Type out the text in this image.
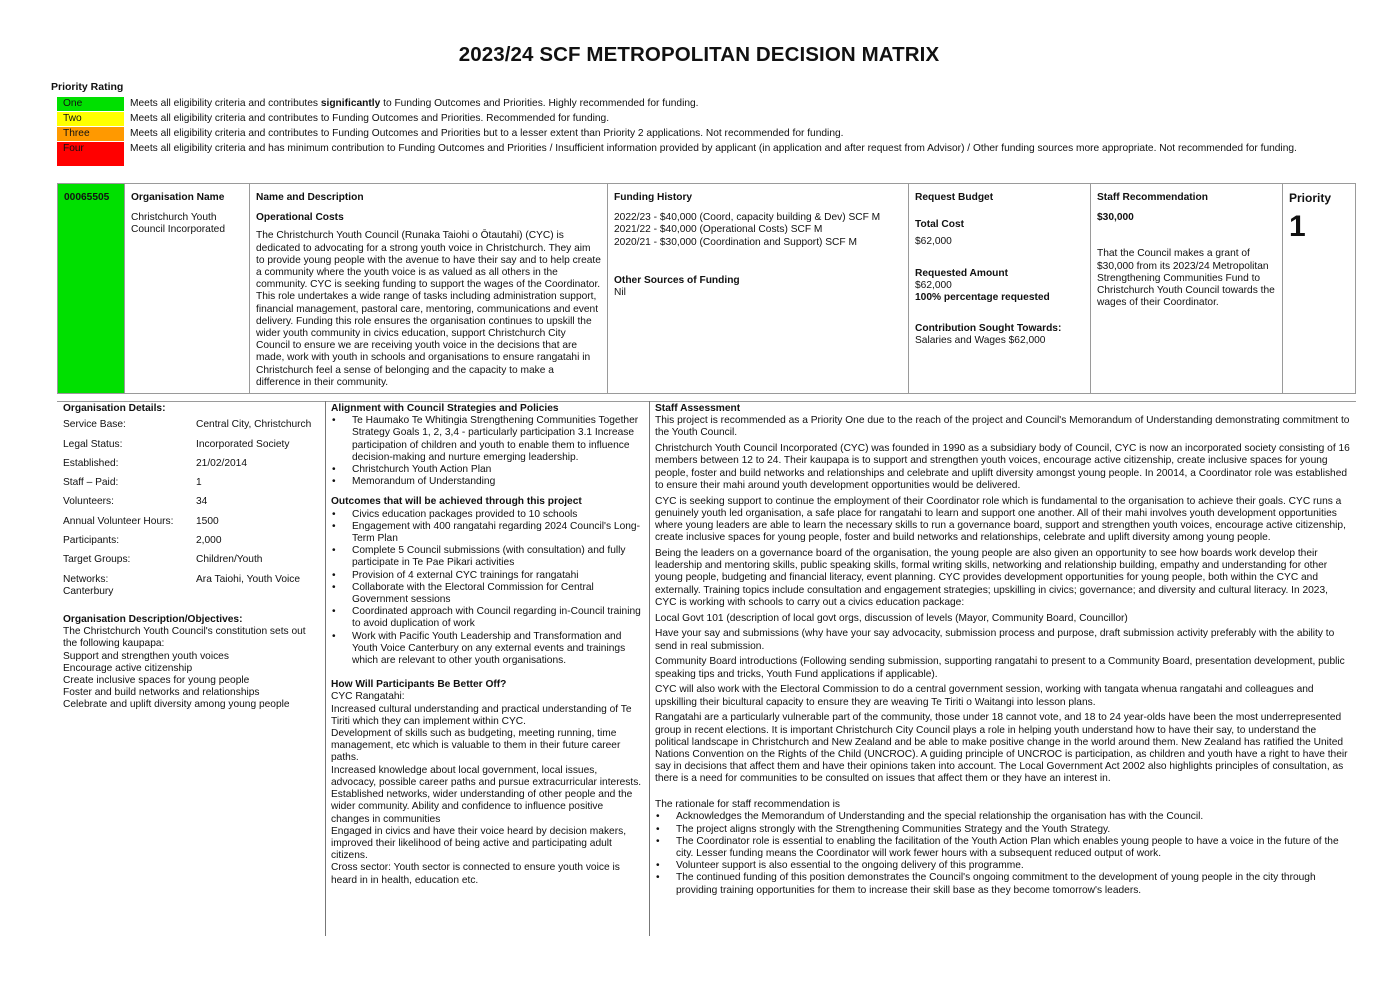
2023/24 SCF METROPOLITAN DECISION MATRIX
Priority Rating
One	Meets all eligibility criteria and contributes significantly to Funding Outcomes and Priorities. Highly recommended for funding.
Two	Meets all eligibility criteria and contributes to Funding Outcomes and Priorities. Recommended for funding.
Three	Meets all eligibility criteria and contributes to Funding Outcomes and Priorities but to a lesser extent than Priority 2 applications. Not recommended for funding.
Four	Meets all eligibility criteria and has minimum contribution to Funding Outcomes and Priorities / Insufficient information provided by applicant (in application and after request from Advisor) / Other funding sources more appropriate. Not recommended for funding.
00065505	Organisation Name
Christchurch Youth Council Incorporated
Name and Description
Operational Costs
The Christchurch Youth Council (Runaka Taiohi o Ōtautahi) (CYC) is dedicated to advocating for a strong youth voice in Christchurch. They aim to provide young people with the avenue to have their say and to help create a community where the youth voice is as valued as all others in the community. CYC is seeking funding to support the wages of the Coordinator. This role undertakes a wide range of tasks including administration support, financial management, pastoral care, mentoring, communications and event delivery. Funding this role ensures the organisation continues to upskill the wider youth community in civics education, support Christchurch City Council to ensure we are receiving youth voice in the decisions that are made, work with youth in schools and organisations to ensure rangatahi in Christchurch feel a sense of belonging and the capacity to make a difference in their community.
Funding History
2022/23 - $40,000 (Coord, capacity building & Dev) SCF M
2021/22 - $40,000 (Operational Costs) SCF M
2020/21 - $30,000 (Coordination and Support) SCF M
Other Sources of Funding
Nil
Request Budget
Total Cost
$62,000
Requested Amount
$62,000
100% percentage requested
Contribution Sought Towards:
Salaries and Wages $62,000
Staff Recommendation
$30,000
That the Council makes a grant of $30,000 from its 2023/24 Metropolitan Strengthening Communities Fund to Christchurch Youth Council towards the wages of their Coordinator.
Priority
1
Organisation Details:
Service Base:	Central City, Christchurch
Legal Status:	Incorporated Society
Established:	21/02/2014
Staff – Paid:	1
Volunteers:	34
Annual Volunteer Hours:	1500
Participants:	2,000
Target Groups:	Children/Youth
Networks:	Ara Taiohi, Youth Voice
Canterbury
Organisation Description/Objectives:
The Christchurch Youth Council's constitution sets out the following kaupapa:
Support and strengthen youth voices
Encourage active citizenship
Create inclusive spaces for young people
Foster and build networks and relationships
Celebrate and uplift diversity among young people
Alignment with Council Strategies and Policies
• Te Haumako Te Whitingia Strengthening Communities Together Strategy Goals 1, 2, 3,4 - particularly participation 3.1 Increase participation of children and youth to enable them to influence decision-making and nurture emerging leadership.
• Christchurch Youth Action Plan
• Memorandum of Understanding
Outcomes that will be achieved through this project
• Civics education packages provided to 10 schools
• Engagement with 400 rangatahi regarding 2024 Council's Long-Term Plan
• Complete 5 Council submissions (with consultation) and fully participate in Te Pae Pikari activities
• Provision of 4 external CYC trainings for rangatahi
• Collaborate with the Electoral Commission for Central Government sessions
• Coordinated approach with Council regarding in-Council training to avoid duplication of work
• Work with Pacific Youth Leadership and Transformation and Youth Voice Canterbury on any external events and trainings which are relevant to other youth organisations.
How Will Participants Be Better Off?
CYC Rangatahi:
Increased cultural understanding and practical understanding of Te Tiriti which they can implement within CYC.
Development of skills such as budgeting, meeting running, time management, etc which is valuable to them in their future career paths.
Increased knowledge about local government, local issues, advocacy, possible career paths and pursue extracurricular interests. Established networks, wider understanding of other people and the wider community. Ability and confidence to influence positive changes in communities
Engaged in civics and have their voice heard by decision makers, improved their likelihood of being active and participating adult citizens.
Cross sector: Youth sector is connected to ensure youth voice is heard in in health, education etc.
Staff Assessment
This project is recommended as a Priority One due to the reach of the project and Council's Memorandum of Understanding demonstrating commitment to the Youth Council.
Christchurch Youth Council Incorporated (CYC) was founded in 1990 as a subsidiary body of Council, CYC is now an incorporated society consisting of 16 members between 12 to 24. Their kaupapa is to support and strengthen youth voices, encourage active citizenship, create inclusive spaces for young people, foster and build networks and relationships and celebrate and uplift diversity amongst young people. In 20014, a Coordinator role was established to ensure their mahi around youth development opportunities would be delivered.
CYC is seeking support to continue the employment of their Coordinator role which is fundamental to the organisation to achieve their goals. CYC runs a genuinely youth led organisation, a safe place for rangatahi to learn and support one another. All of their mahi involves youth development opportunities where young leaders are able to learn the necessary skills to run a governance board, support and strengthen youth voices, encourage active citizenship, create inclusive spaces for young people, foster and build networks and relationships, celebrate and uplift diversity among young people.
Being the leaders on a governance board of the organisation, the young people are also given an opportunity to see how boards work develop their leadership and mentoring skills, public speaking skills, formal writing skills, networking and relationship building, empathy and understanding for other young people, budgeting and financial literacy, event planning. CYC provides development opportunities for young people, both within the CYC and externally. Training topics include consultation and engagement strategies; upskilling in civics; governance; and diversity and cultural literacy. In 2023, CYC is working with schools to carry out a civics education package:
Local Govt 101 (description of local govt orgs, discussion of levels (Mayor, Community Board, Councillor)
Have your say and submissions (why have your say advocacity, submission process and purpose, draft submission activity preferably with the ability to send in real submission.
Community Board introductions (Following sending submission, supporting rangatahi to present to a Community Board, presentation development, public speaking tips and tricks, Youth Fund applications if applicable).
CYC will also work with the Electoral Commission to do a central government session, working with tangata whenua rangatahi and colleagues and upskilling their bicultural capacity to ensure they are weaving Te Tiriti o Waitangi into lesson plans.
Rangatahi are a particularly vulnerable part of the community, those under 18 cannot vote, and 18 to 24 year-olds have been the most underrepresented group in recent elections. It is important Christchurch City Council plays a role in helping youth understand how to have their say, to understand the political landscape in Christchurch and New Zealand and be able to make positive change in the world around them. New Zealand has ratified the United Nations Convention on the Rights of the Child (UNCROC). A guiding principle of UNCROC is participation, as children and youth have a right to have their say in decisions that affect them and have their opinions taken into account. The Local Government Act 2002 also highlights principles of consultation, as there is a need for communities to be consulted on issues that affect them or they have an interest in.
The rationale for staff recommendation is
• Acknowledges the Memorandum of Understanding and the special relationship the organisation has with the Council.
• The project aligns strongly with the Strengthening Communities Strategy and the Youth Strategy.
• The Coordinator role is essential to enabling the facilitation of the Youth Action Plan which enables young people to have a voice in the future of the city. Lesser funding means the Coordinator will work fewer hours with a subsequent reduced output of work.
• Volunteer support is also essential to the ongoing delivery of this programme.
• The continued funding of this position demonstrates the Council's ongoing commitment to the development of young people in the city through providing training opportunities for them to increase their skill base as they become tomorrow's leaders.
